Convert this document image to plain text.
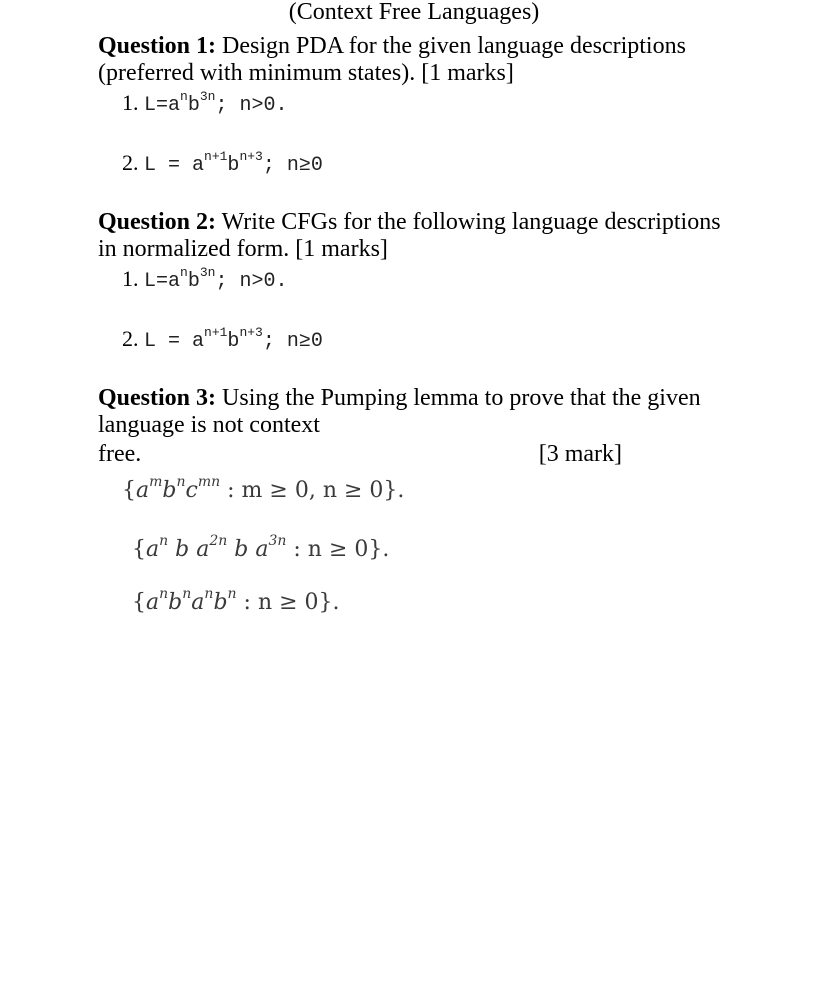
(Context Free Languages)
Question 1: Design PDA for the given language descriptions (preferred with minimum states). [1 marks]
1. $L=a^nb^{3n}$; n>0.
2. $L = a^{n+1}b^{n+3}$; n≥0
Question 2: Write CFGs for the following language descriptions in normalized form. [1 marks]
1. $L=a^nb^{3n}$; n>0.
2. $L = a^{n+1}b^{n+3}$; n≥0
Question 3: Using the Pumping lemma to prove that the given language is not context
free.	[3 mark]
{$a^mb^nc^{mn}$ : m ≥ 0, n ≥ 0}.
{$a^n$ b $a^{2n}$ b $a^{3n}$ : n ≥ 0}.
{$a^nb^na^nb^n$ : n ≥ 0}.
